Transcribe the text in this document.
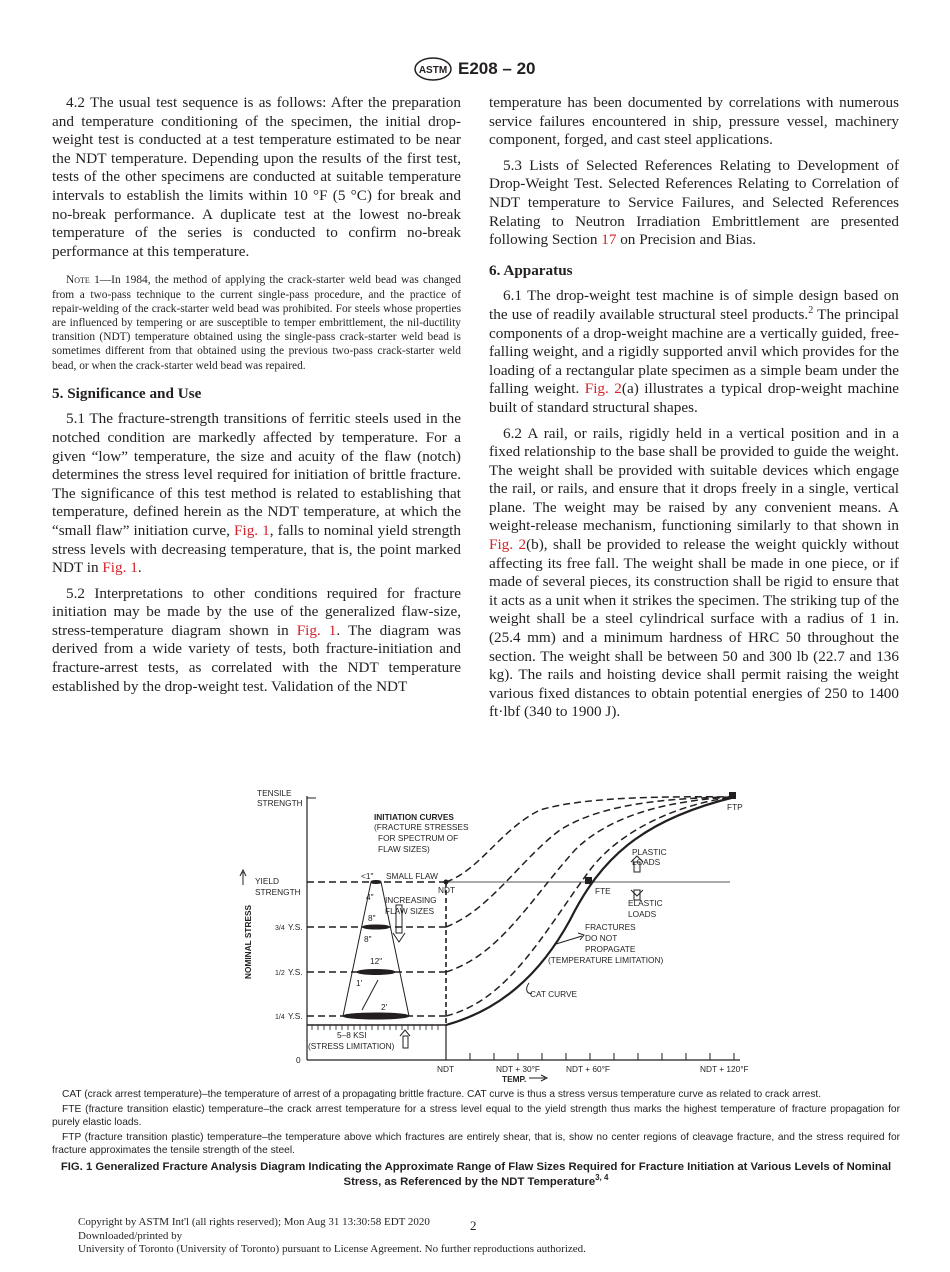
ASTM E208 – 20

4.2 The usual test sequence is as follows: After the preparation and temperature conditioning of the specimen, the initial drop-weight test is conducted at a test temperature estimated to be near the NDT temperature. Depending upon the results of the first test, tests of the other specimens are conducted at suitable temperature intervals to establish the limits within 10 °F (5 °C) for break and no-break performance. A duplicate test at the lowest no-break temperature of the series is conducted to confirm no-break performance at this temperature.

Note 1—In 1984, the method of applying the crack-starter weld bead was changed from a two-pass technique to the current single-pass procedure, and the practice of repair-welding of the crack-starter weld bead was prohibited. For steels whose properties are influenced by tempering or are susceptible to temper embrittlement, the nil-ductility transition (NDT) temperature obtained using the single-pass crack-starter weld bead is sometimes different from that obtained using the previous two-pass crack-starter weld bead, or when the crack-starter weld bead was repaired.

5. Significance and Use

5.1 The fracture-strength transitions of ferritic steels used in the notched condition are markedly affected by temperature. For a given “low” temperature, the size and acuity of the flaw (notch) determines the stress level required for initiation of brittle fracture. The significance of this test method is related to establishing that temperature, defined herein as the NDT temperature, at which the “small flaw” initiation curve, Fig. 1, falls to nominal yield strength stress levels with decreasing temperature, that is, the point marked NDT in Fig. 1.

5.2 Interpretations to other conditions required for fracture initiation may be made by the use of the generalized flaw-size, stress-temperature diagram shown in Fig. 1. The diagram was derived from a wide variety of tests, both fracture-initiation and fracture-arrest tests, as correlated with the NDT temperature established by the drop-weight test. Validation of the NDT

temperature has been documented by correlations with numerous service failures encountered in ship, pressure vessel, machinery component, forged, and cast steel applications.

5.3 Lists of Selected References Relating to Development of Drop-Weight Test. Selected References Relating to Correlation of NDT temperature to Service Failures, and Selected References Relating to Neutron Irradiation Embrittlement are presented following Section 17 on Precision and Bias.

6. Apparatus

6.1 The drop-weight test machine is of simple design based on the use of readily available structural steel products.$^2$ The principal components of a drop-weight machine are a vertically guided, free-falling weight, and a rigidly supported anvil which provides for the loading of a rectangular plate specimen as a simple beam under the falling weight. Fig. 2(a) illustrates a typical drop-weight machine built of standard structural shapes.

6.2 A rail, or rails, rigidly held in a vertical position and in a fixed relationship to the base shall be provided to guide the weight. The weight shall be provided with suitable devices which engage the rail, or rails, and ensure that it drops freely in a single, vertical plane. The weight may be raised by any convenient means. A weight-release mechanism, functioning similarly to that shown in Fig. 2(b), shall be provided to release the weight quickly without affecting its free fall. The weight shall be made in one piece, or if made of several pieces, its construction shall be rigid to ensure that it acts as a unit when it strikes the specimen. The striking tup of the weight shall be a steel cylindrical surface with a radius of 1 in. (25.4 mm) and a minimum hardness of HRC 50 throughout the section. The weight shall be between 50 and 300 lb (22.7 and 136 kg). The rails and hoisting device shall permit raising the weight various fixed distances to obtain potential energies of 250 to 1400 ft·lbf (340 to 1900 J).

TENSILE
STRENGTH
YIELD
STRENGTH
NOMINAL STRESS	3/4 Y.S.
1/2 Y.S.
1/4 Y.S.
0
INITIATION CURVES
(FRACTURE STRESSES
FOR SPECTRUM OF
FLAW SIZES)
<1" SMALL FLAW
NDT
4"
8"
8"
12"
1'
2'
INCREASING
FLAW SIZES
PLASTIC
LOADS
ELASTIC
LOADS
FTE
FTP
FRACTURES
DO NOT
PROPAGATE
(TEMPERATURE LIMITATION)
CAT CURVE
5–8 KSI
(STRESS LIMITATION)
NDT	NDT + 30°F	NDT + 60°F	NDT + 120°F
TEMP.

CAT (crack arrest temperature)–the temperature of arrest of a propagating brittle fracture. CAT curve is thus a stress versus temperature curve as related to crack arrest.

FTE (fracture transition elastic) temperature–the crack arrest temperature for a stress level equal to the yield strength thus marks the highest temperature of fracture propagation for purely elastic loads.

FTP (fracture transition plastic) temperature–the temperature above which fractures are entirely shear, that is, show no center regions of cleavage fracture, and the stress required for fracture approximates the tensile strength of the steel.

FIG. 1 Generalized Fracture Analysis Diagram Indicating the Approximate Range of Flaw Sizes Required for Fracture Initiation at Various Levels of Nominal Stress, as Referenced by the NDT Temperature$^{3, 4}$
Copyright by ASTM Int'l (all rights reserved); Mon Aug 31 13:30:58 EDT 2020
Downloaded/printed by
University of Toronto (University of Toronto) pursuant to License Agreement. No further reproductions authorized.
2
